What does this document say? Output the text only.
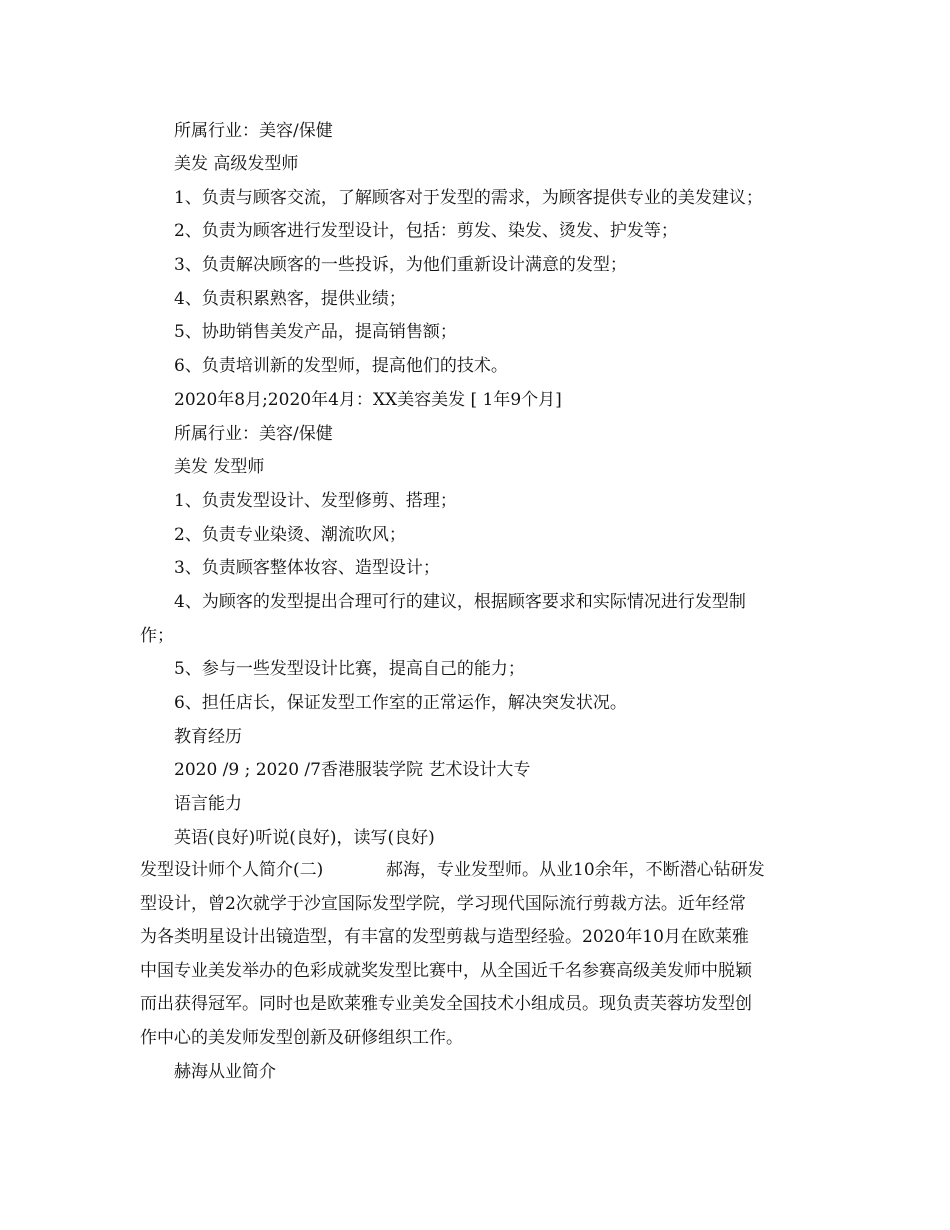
所属行业：美容/保健
美发 高级发型师
1、负责与顾客交流，了解顾客对于发型的需求，为顾客提供专业的美发建议；
2、负责为顾客进行发型设计，包括：剪发、染发、烫发、护发等；
3、负责解决顾客的一些投诉，为他们重新设计满意的发型；
4、负责积累熟客，提供业绩；
5、协助销售美发产品，提高销售额；
6、负责培训新的发型师，提高他们的技术。
2020年8月;2020年4月：XX美容美发 [ 1年9个月]
所属行业：美容/保健
美发 发型师
1、负责发型设计、发型修剪、搭理；
2、负责专业染烫、潮流吹风；
3、负责顾客整体妆容、造型设计；
4、为顾客的发型提出合理可行的建议，根据顾客要求和实际情况进行发型制
作；
5、参与一些发型设计比赛，提高自己的能力；
6、担任店长，保证发型工作室的正常运作，解决突发状况。
教育经历
2020 /9 ; 2020 /7香港服装学院 艺术设计大专
语言能力
英语(良好)听说(良好)，读写(良好)
发型设计师个人简介(二)	郝海，专业发型师。从业10余年，不断潜心钻研发
型设计，曾2次就学于沙宣国际发型学院，学习现代国际流行剪裁方法。近年经常
为各类明星设计出镜造型，有丰富的发型剪裁与造型经验。2020年10月在欧莱雅
中国专业美发举办的色彩成就奖发型比赛中，从全国近千名参赛高级美发师中脱颖
而出获得冠军。同时也是欧莱雅专业美发全国技术小组成员。现负责芙蓉坊发型创
作中心的美发师发型创新及研修组织工作。
赫海从业简介
